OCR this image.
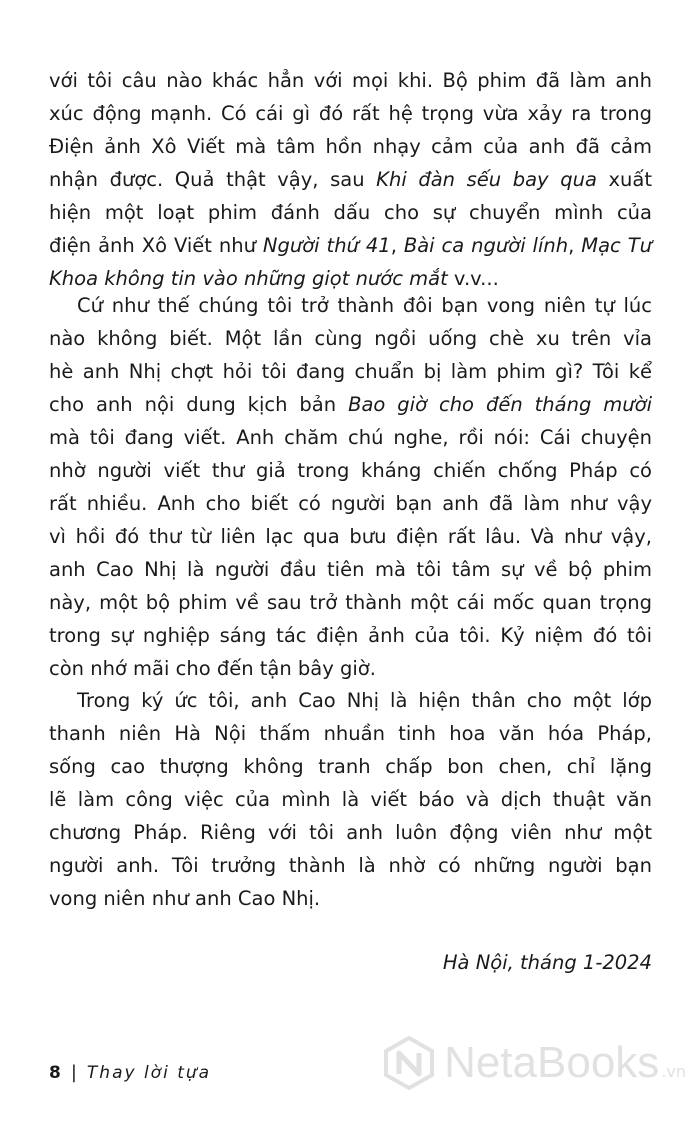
với tôi câu nào khác hẳn với mọi khi. Bộ phim đã làm anh
xúc động mạnh. Có cái gì đó rất hệ trọng vừa xảy ra trong
Điện ảnh Xô Viết mà tâm hồn nhạy cảm của anh đã cảm
nhận được. Quả thật vậy, sau Khi đàn sếu bay qua xuất
hiện một loạt phim đánh dấu cho sự chuyển mình của
điện ảnh Xô Viết như Người thứ 41, Bài ca người lính, Mạc Tư
Khoa không tin vào những giọt nước mắt v.v...
Cứ như thế chúng tôi trở thành đôi bạn vong niên tự lúc
nào không biết. Một lần cùng ngồi uống chè xu trên vỉa
hè anh Nhị chợt hỏi tôi đang chuẩn bị làm phim gì? Tôi kể
cho anh nội dung kịch bản Bao giờ cho đến tháng mười
mà tôi đang viết. Anh chăm chú nghe, rồi nói: Cái chuyện
nhờ người viết thư giả trong kháng chiến chống Pháp có
rất nhiều. Anh cho biết có người bạn anh đã làm như vậy
vì hồi đó thư từ liên lạc qua bưu điện rất lâu. Và như vậy,
anh Cao Nhị là người đầu tiên mà tôi tâm sự về bộ phim
này, một bộ phim về sau trở thành một cái mốc quan trọng
trong sự nghiệp sáng tác điện ảnh của tôi. Kỷ niệm đó tôi
còn nhớ mãi cho đến tận bây giờ.
Trong ký ức tôi, anh Cao Nhị là hiện thân cho một lớp
thanh niên Hà Nội thấm nhuần tinh hoa văn hóa Pháp,
sống cao thượng không tranh chấp bon chen, chỉ lặng
lẽ làm công việc của mình là viết báo và dịch thuật văn
chương Pháp. Riêng với tôi anh luôn động viên như một
người anh. Tôi trưởng thành là nhờ có những người bạn
vong niên như anh Cao Nhị.
Hà Nội, tháng 1-2024
8 | Thay lời tựa	NetaBooks .vn
